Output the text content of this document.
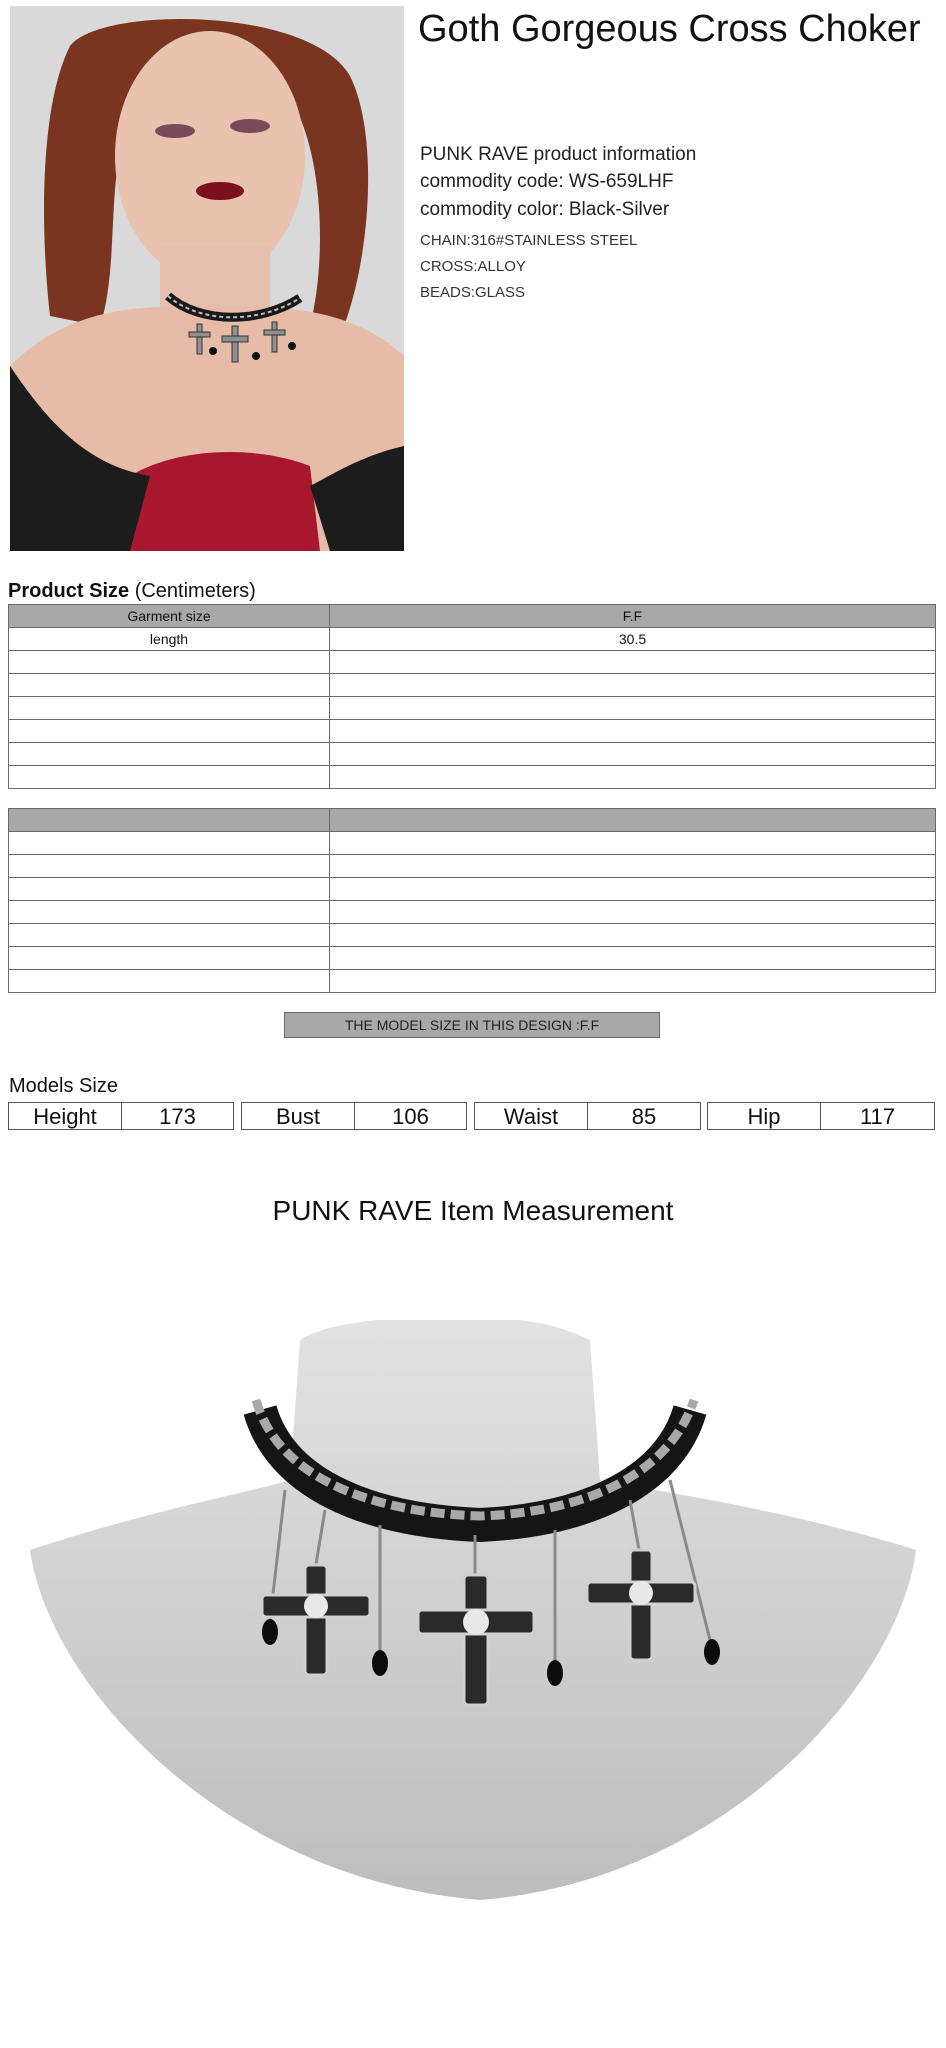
Goth Gorgeous Cross Choker
PUNK RAVE product information
commodity code: WS-659LHF
commodity color: Black-Silver
CHAIN:316#STAINLESS STEEL
CROSS:ALLOY
BEADS:GLASS
Product Size (Centimeters)
Garment size	F.F
length	30.5

THE MODEL SIZE IN THIS DESIGN :F.F
Models Size
Height	173	Bust	106	Waist	85	Hip	117
PUNK RAVE Item Measurement
